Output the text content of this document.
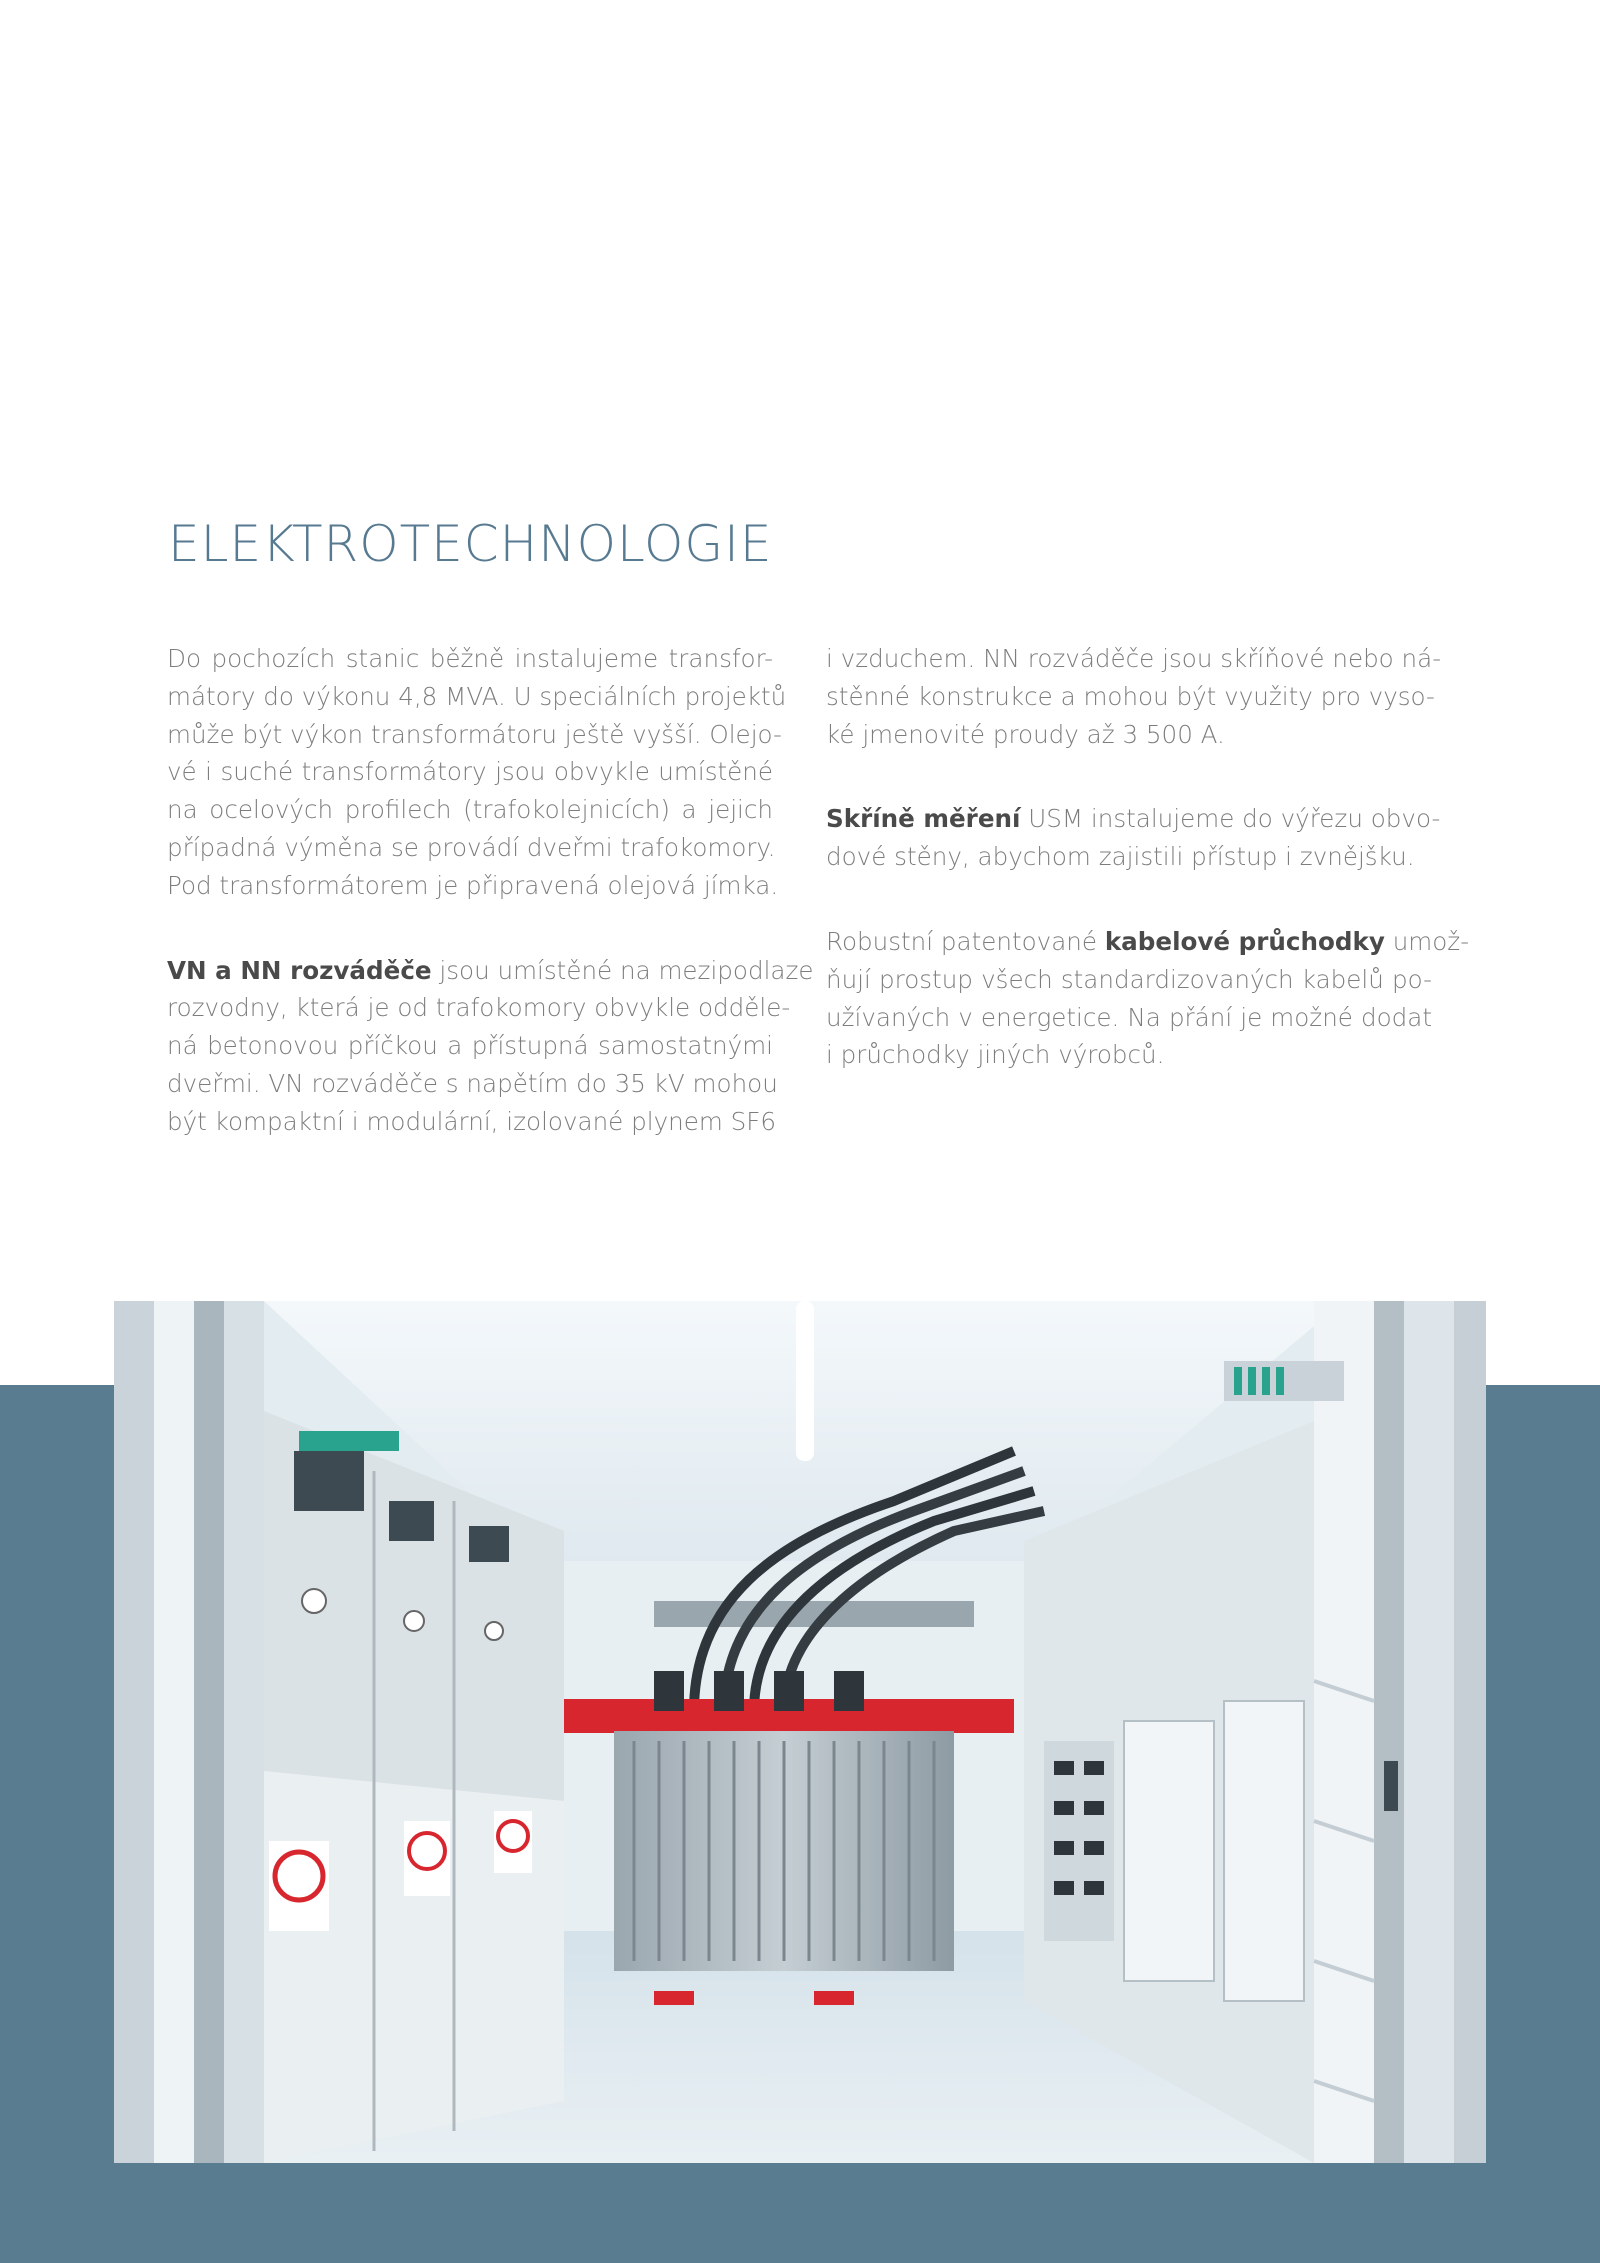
ELEKTROTECHNOLOGIE

Do pochozích stanic běžně instalujeme transfor-
mátory do výkonu 4,8 MVA. U speciálních projektů
může být výkon transformátoru ještě vyšší. Olejo-
vé i suché transformátory jsou obvykle umístěné
na ocelových profilech (trafokolejnicích) a jejich
případná výměna se provádí dveřmi trafokomory.
Pod transformátorem je připravená olejová jímka.

VN a NN rozváděče jsou umístěné na mezipodlaze
rozvodny, která je od trafokomory obvykle odděle-
ná betonovou příčkou a přístupná samostatnými
dveřmi. VN rozváděče s napětím do 35 kV mohou
být kompaktní i modulární, izolované plynem SF6

i vzduchem. NN rozváděče jsou skříňové nebo ná-
stěnné konstrukce a mohou být využity pro vyso-
ké jmenovité proudy až 3 500 A.

Skříně měření USM instalujeme do výřezu obvo-
dové stěny, abychom zajistili přístup i zvnějšku.

Robustní patentované kabelové průchodky umož-
ňují prostup všech standardizovaných kabelů po-
užívaných v energetice. Na přání je možné dodat
i průchodky jiných výrobců.
